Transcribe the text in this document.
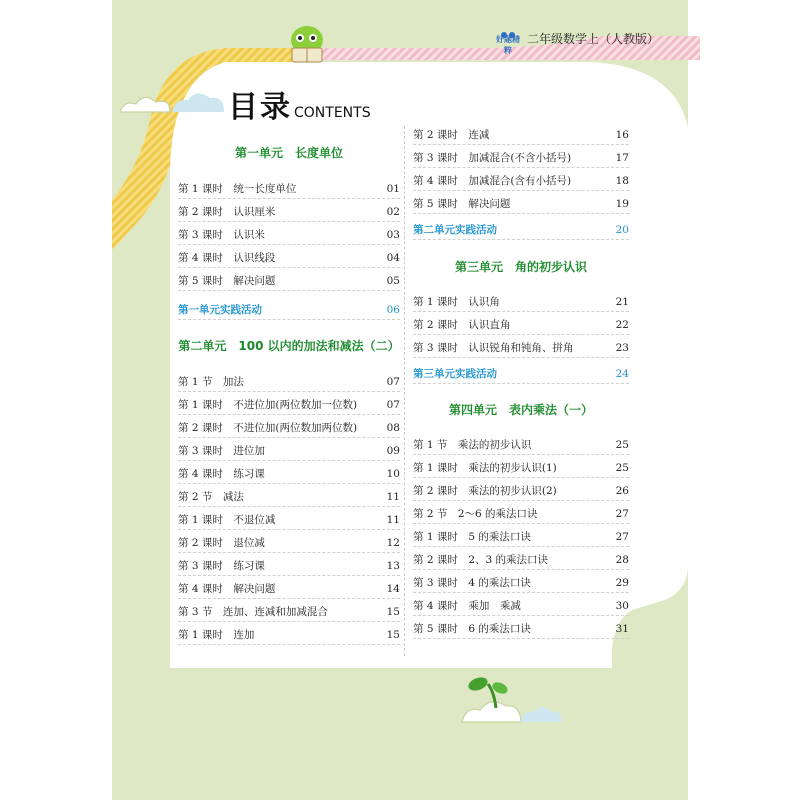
好题精粹
二年级数学上（人教版）
目录 CONTENTS
第一单元　长度单位
第 1 课时　统一长度单位	01
第 2 课时　认识厘米	02
第 3 课时　认识米	03
第 4 课时　认识线段	04
第 5 课时　解决问题	05
第一单元实践活动	06
第二单元　100 以内的加法和减法（二）
第 1 节　加法	07
第 1 课时　不进位加(两位数加一位数)	07
第 2 课时　不进位加(两位数加两位数)	08
第 3 课时　进位加	09
第 4 课时　练习课	10
第 2 节　减法	11
第 1 课时　不退位减	11
第 2 课时　退位减	12
第 3 课时　练习课	13
第 4 课时　解决问题	14
第 3 节　连加、连减和加减混合	15
第 1 课时　连加	15
第 2 课时　连减	16
第 3 课时　加减混合(不含小括号)	17
第 4 课时　加减混合(含有小括号)	18
第 5 课时　解决问题	19
第二单元实践活动	20
第三单元　角的初步认识
第 1 课时　认识角	21
第 2 课时　认识直角	22
第 3 课时　认识锐角和钝角、拼角	23
第三单元实践活动	24
第四单元　表内乘法（一）
第 1 节　乘法的初步认识	25
第 1 课时　乘法的初步认识(1)	25
第 2 课时　乘法的初步认识(2)	26
第 2 节　2～6 的乘法口诀	27
第 1 课时　5 的乘法口诀	27
第 2 课时　2、3 的乘法口诀	28
第 3 课时　4 的乘法口诀	29
第 4 课时　乘加　乘减	30
第 5 课时　6 的乘法口诀	31
